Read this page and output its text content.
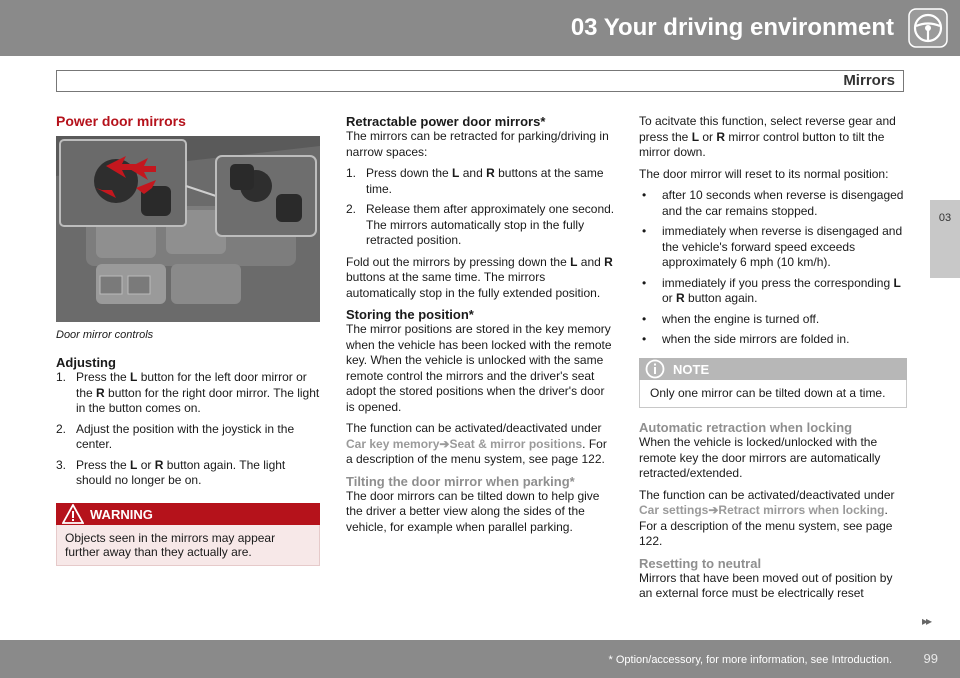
03 Your driving environment
Mirrors
03
Power door mirrors
Door mirror controls
Adjusting
1. Press the L button for the left door mirror or the R button for the right door mirror. The light in the button comes on.
2. Adjust the position with the joystick in the center.
3. Press the L or R button again. The light should no longer be on.
WARNING
Objects seen in the mirrors may appear further away than they actually are.
Retractable power door mirrors*

The mirrors can be retracted for parking/driving in narrow spaces:

1. Press down the L and R buttons at the same time.
2. Release them after approximately one second. The mirrors automatically stop in the fully retracted position.

Fold out the mirrors by pressing down the L and R buttons at the same time. The mirrors automatically stop in the fully extended position.

Storing the position*

The mirror positions are stored in the key memory when the vehicle has been locked with the remote key. When the vehicle is unlocked with the same remote control the mirrors and the driver's seat adopt the stored positions when the driver's door is opened.

The function can be activated/deactivated under Car key memory➔Seat & mirror positions. For a description of the menu system, see page 122.

Tilting the door mirror when parking*

The door mirrors can be tilted down to help give the driver a better view along the sides of the vehicle, for example when parallel parking.

To acitvate this function, select reverse gear and press the L or R mirror control button to tilt the mirror down.

The door mirror will reset to its normal position:

•	after 10 seconds when reverse is disengaged and the car remains stopped.
•	immediately when reverse is disengaged and the vehicle's forward speed exceeds approximately 6 mph (10 km/h).
•	immediately if you press the corresponding L or R button again.
•	when the engine is turned off.
•	when the side mirrors are folded in.
NOTE
Only one mirror can be tilted down at a time.
Automatic retraction when locking

When the vehicle is locked/unlocked with the remote key the door mirrors are automatically retracted/extended.

The function can be activated/deactivated under Car settings➔Retract mirrors when locking. For a description of the menu system, see page 122.

Resetting to neutral

Mirrors that have been moved out of position by an external force must be electrically reset

▸▸
* Option/accessory, for more information, see Introduction. 99
